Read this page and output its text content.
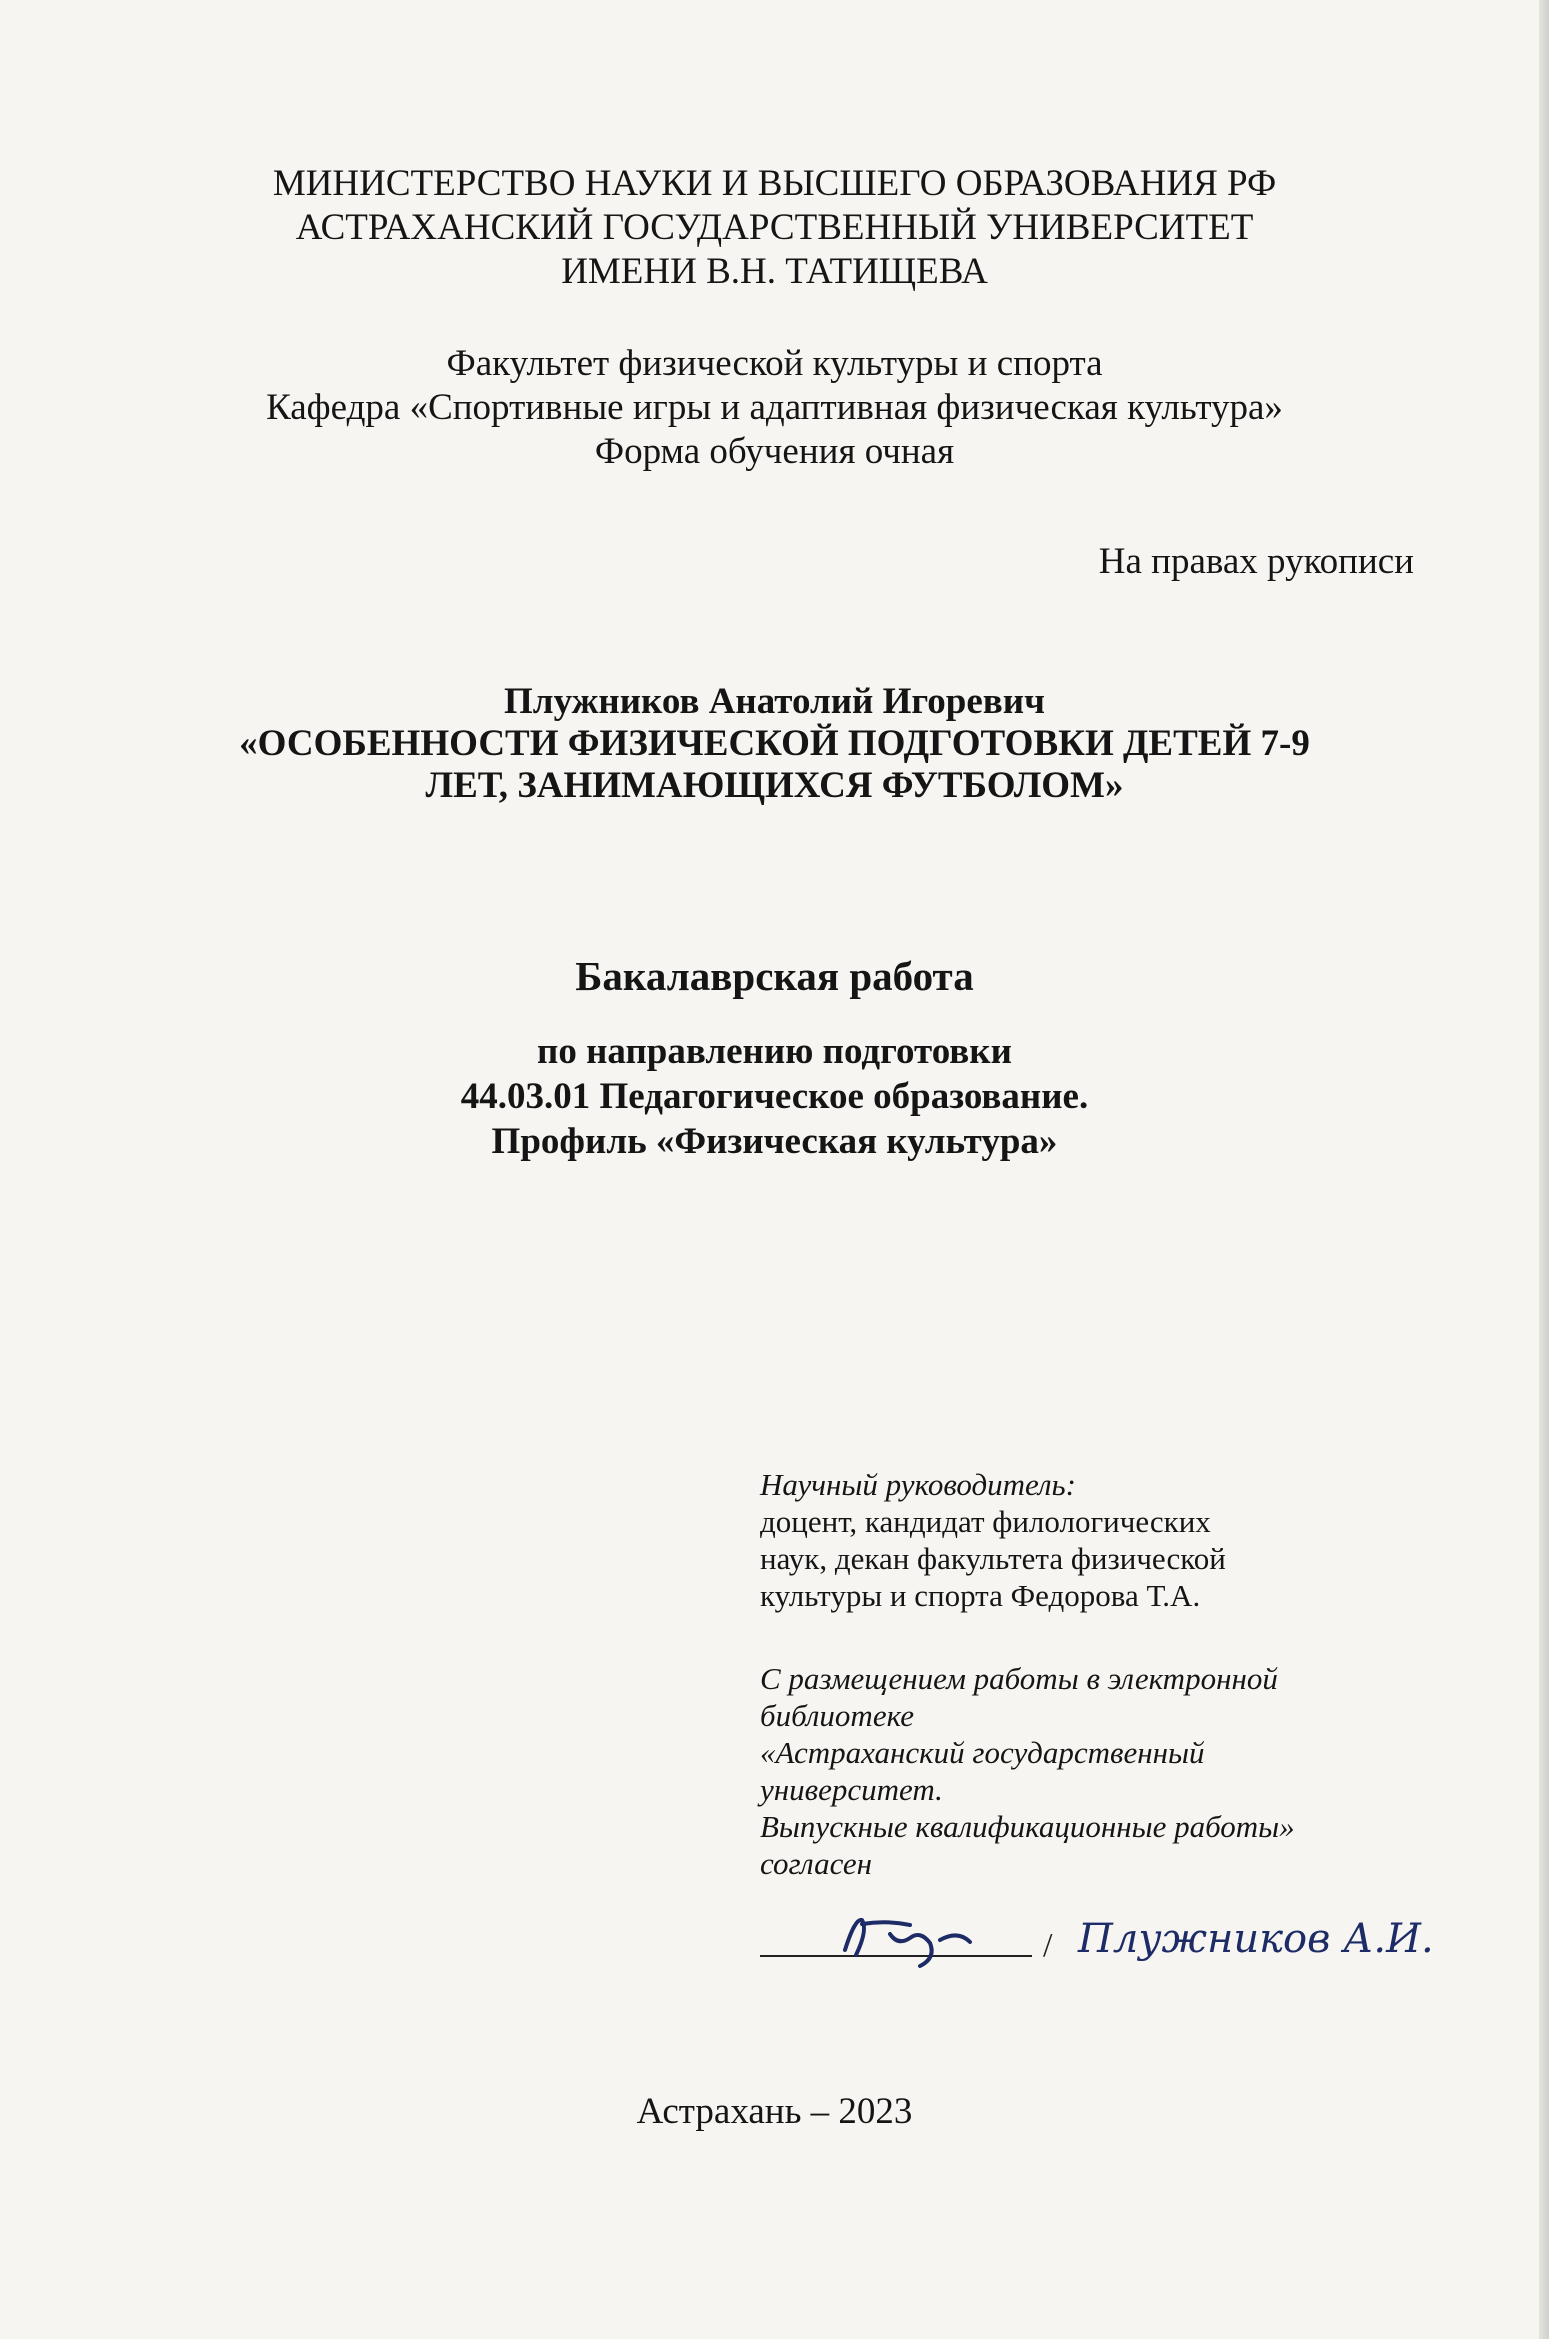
МИНИСТЕРСТВО НАУКИ И ВЫСШЕГО ОБРАЗОВАНИЯ РФ
АСТРАХАНСКИЙ ГОСУДАРСТВЕННЫЙ УНИВЕРСИТЕТ
ИМЕНИ В.Н. ТАТИЩЕВА
Факультет физической культуры и спорта
Кафедра «Спортивные игры и адаптивная физическая культура»
Форма обучения очная
На правах рукописи
Плужников Анатолий Игоревич
«ОСОБЕННОСТИ ФИЗИЧЕСКОЙ ПОДГОТОВКИ ДЕТЕЙ 7-9
ЛЕТ, ЗАНИМАЮЩИХСЯ ФУТБОЛОМ»
Бакалаврская работа
по направлению подготовки
44.03.01 Педагогическое образование.
Профиль «Физическая культура»
Научный руководитель:
доцент, кандидат филологических
наук, декан факультета физической
культуры и спорта Федорова Т.А.
С размещением работы в электронной
библиотеке
«Астраханский государственный
университет.
Выпускные квалификационные работы»
согласен
/ Плужников А.И.
Астрахань – 2023
